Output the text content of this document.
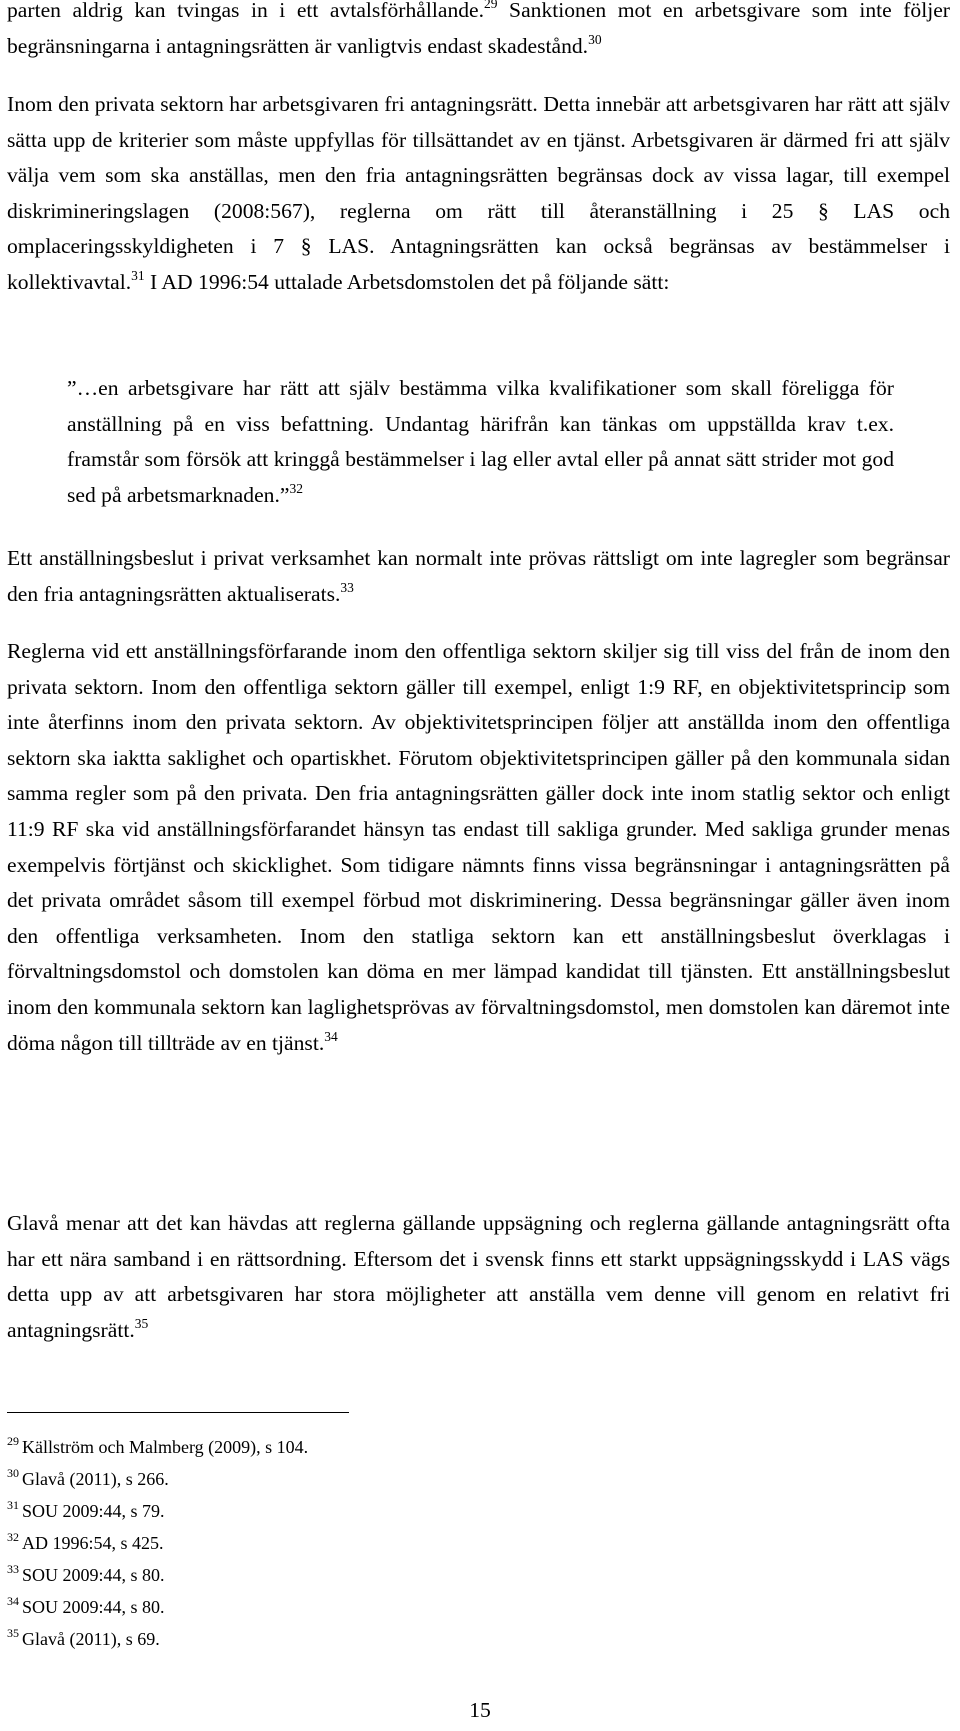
parten aldrig kan tvingas in i ett avtalsförhållande.$^{29}$ Sanktionen mot en arbetsgivare som inte följer begränsningarna i antagningsrätten är vanligtvis endast skadestånd.$^{30}$

Inom den privata sektorn har arbetsgivaren fri antagningsrätt. Detta innebär att arbetsgivaren har rätt att själv sätta upp de kriterier som måste uppfyllas för tillsättandet av en tjänst. Arbetsgivaren är därmed fri att själv välja vem som ska anställas, men den fria antagningsrätten begränsas dock av vissa lagar, till exempel diskrimineringslagen (2008:567), reglerna om rätt till återanställning i 25 § LAS och omplaceringsskyldigheten i 7 § LAS. Antagningsrätten kan också begränsas av bestämmelser i kollektivavtal.$^{31}$ I AD 1996:54 uttalade Arbetsdomstolen det på följande sätt:

”…en arbetsgivare har rätt att själv bestämma vilka kvalifikationer som skall föreligga för anställning på en viss befattning. Undantag härifrån kan tänkas om uppställda krav t.ex. framstår som försök att kringgå bestämmelser i lag eller avtal eller på annat sätt strider mot god sed på arbetsmarknaden.”$^{32}$

Ett anställningsbeslut i privat verksamhet kan normalt inte prövas rättsligt om inte lagregler som begränsar den fria antagningsrätten aktualiserats.$^{33}$

Reglerna vid ett anställningsförfarande inom den offentliga sektorn skiljer sig till viss del från de inom den privata sektorn. Inom den offentliga sektorn gäller till exempel, enligt 1:9 RF, en objektivitetsprincip som inte återfinns inom den privata sektorn. Av objektivitetsprincipen följer att anställda inom den offentliga sektorn ska iaktta saklighet och opartiskhet. Förutom objektivitetsprincipen gäller på den kommunala sidan samma regler som på den privata. Den fria antagningsrätten gäller dock inte inom statlig sektor och enligt 11:9 RF ska vid anställningsförfarandet hänsyn tas endast till sakliga grunder. Med sakliga grunder menas exempelvis förtjänst och skicklighet. Som tidigare nämnts finns vissa begränsningar i antagningsrätten på det privata området såsom till exempel förbud mot diskriminering. Dessa begränsningar gäller även inom den offentliga verksamheten. Inom den statliga sektorn kan ett anställningsbeslut överklagas i förvaltningsdomstol och domstolen kan döma en mer lämpad kandidat till tjänsten. Ett anställningsbeslut inom den kommunala sektorn kan laglighetsprövas av förvaltningsdomstol, men domstolen kan däremot inte döma någon till tillträde av en tjänst.$^{34}$

Glavå menar att det kan hävdas att reglerna gällande uppsägning och reglerna gällande antagningsrätt ofta har ett nära samband i en rättsordning. Eftersom det i svensk finns ett starkt uppsägningsskydd i LAS vägs detta upp av att arbetsgivaren har stora möjligheter att anställa vem denne vill genom en relativt fri antagningsrätt.$^{35}$

$^{29}$ Källström och Malmberg (2009), s 104.
$^{30}$ Glavå (2011), s 266.
$^{31}$ SOU 2009:44, s 79.
$^{32}$ AD 1996:54, s 425.
$^{33}$ SOU 2009:44, s 80.
$^{34}$ SOU 2009:44, s 80.
$^{35}$ Glavå (2011), s 69.
15
